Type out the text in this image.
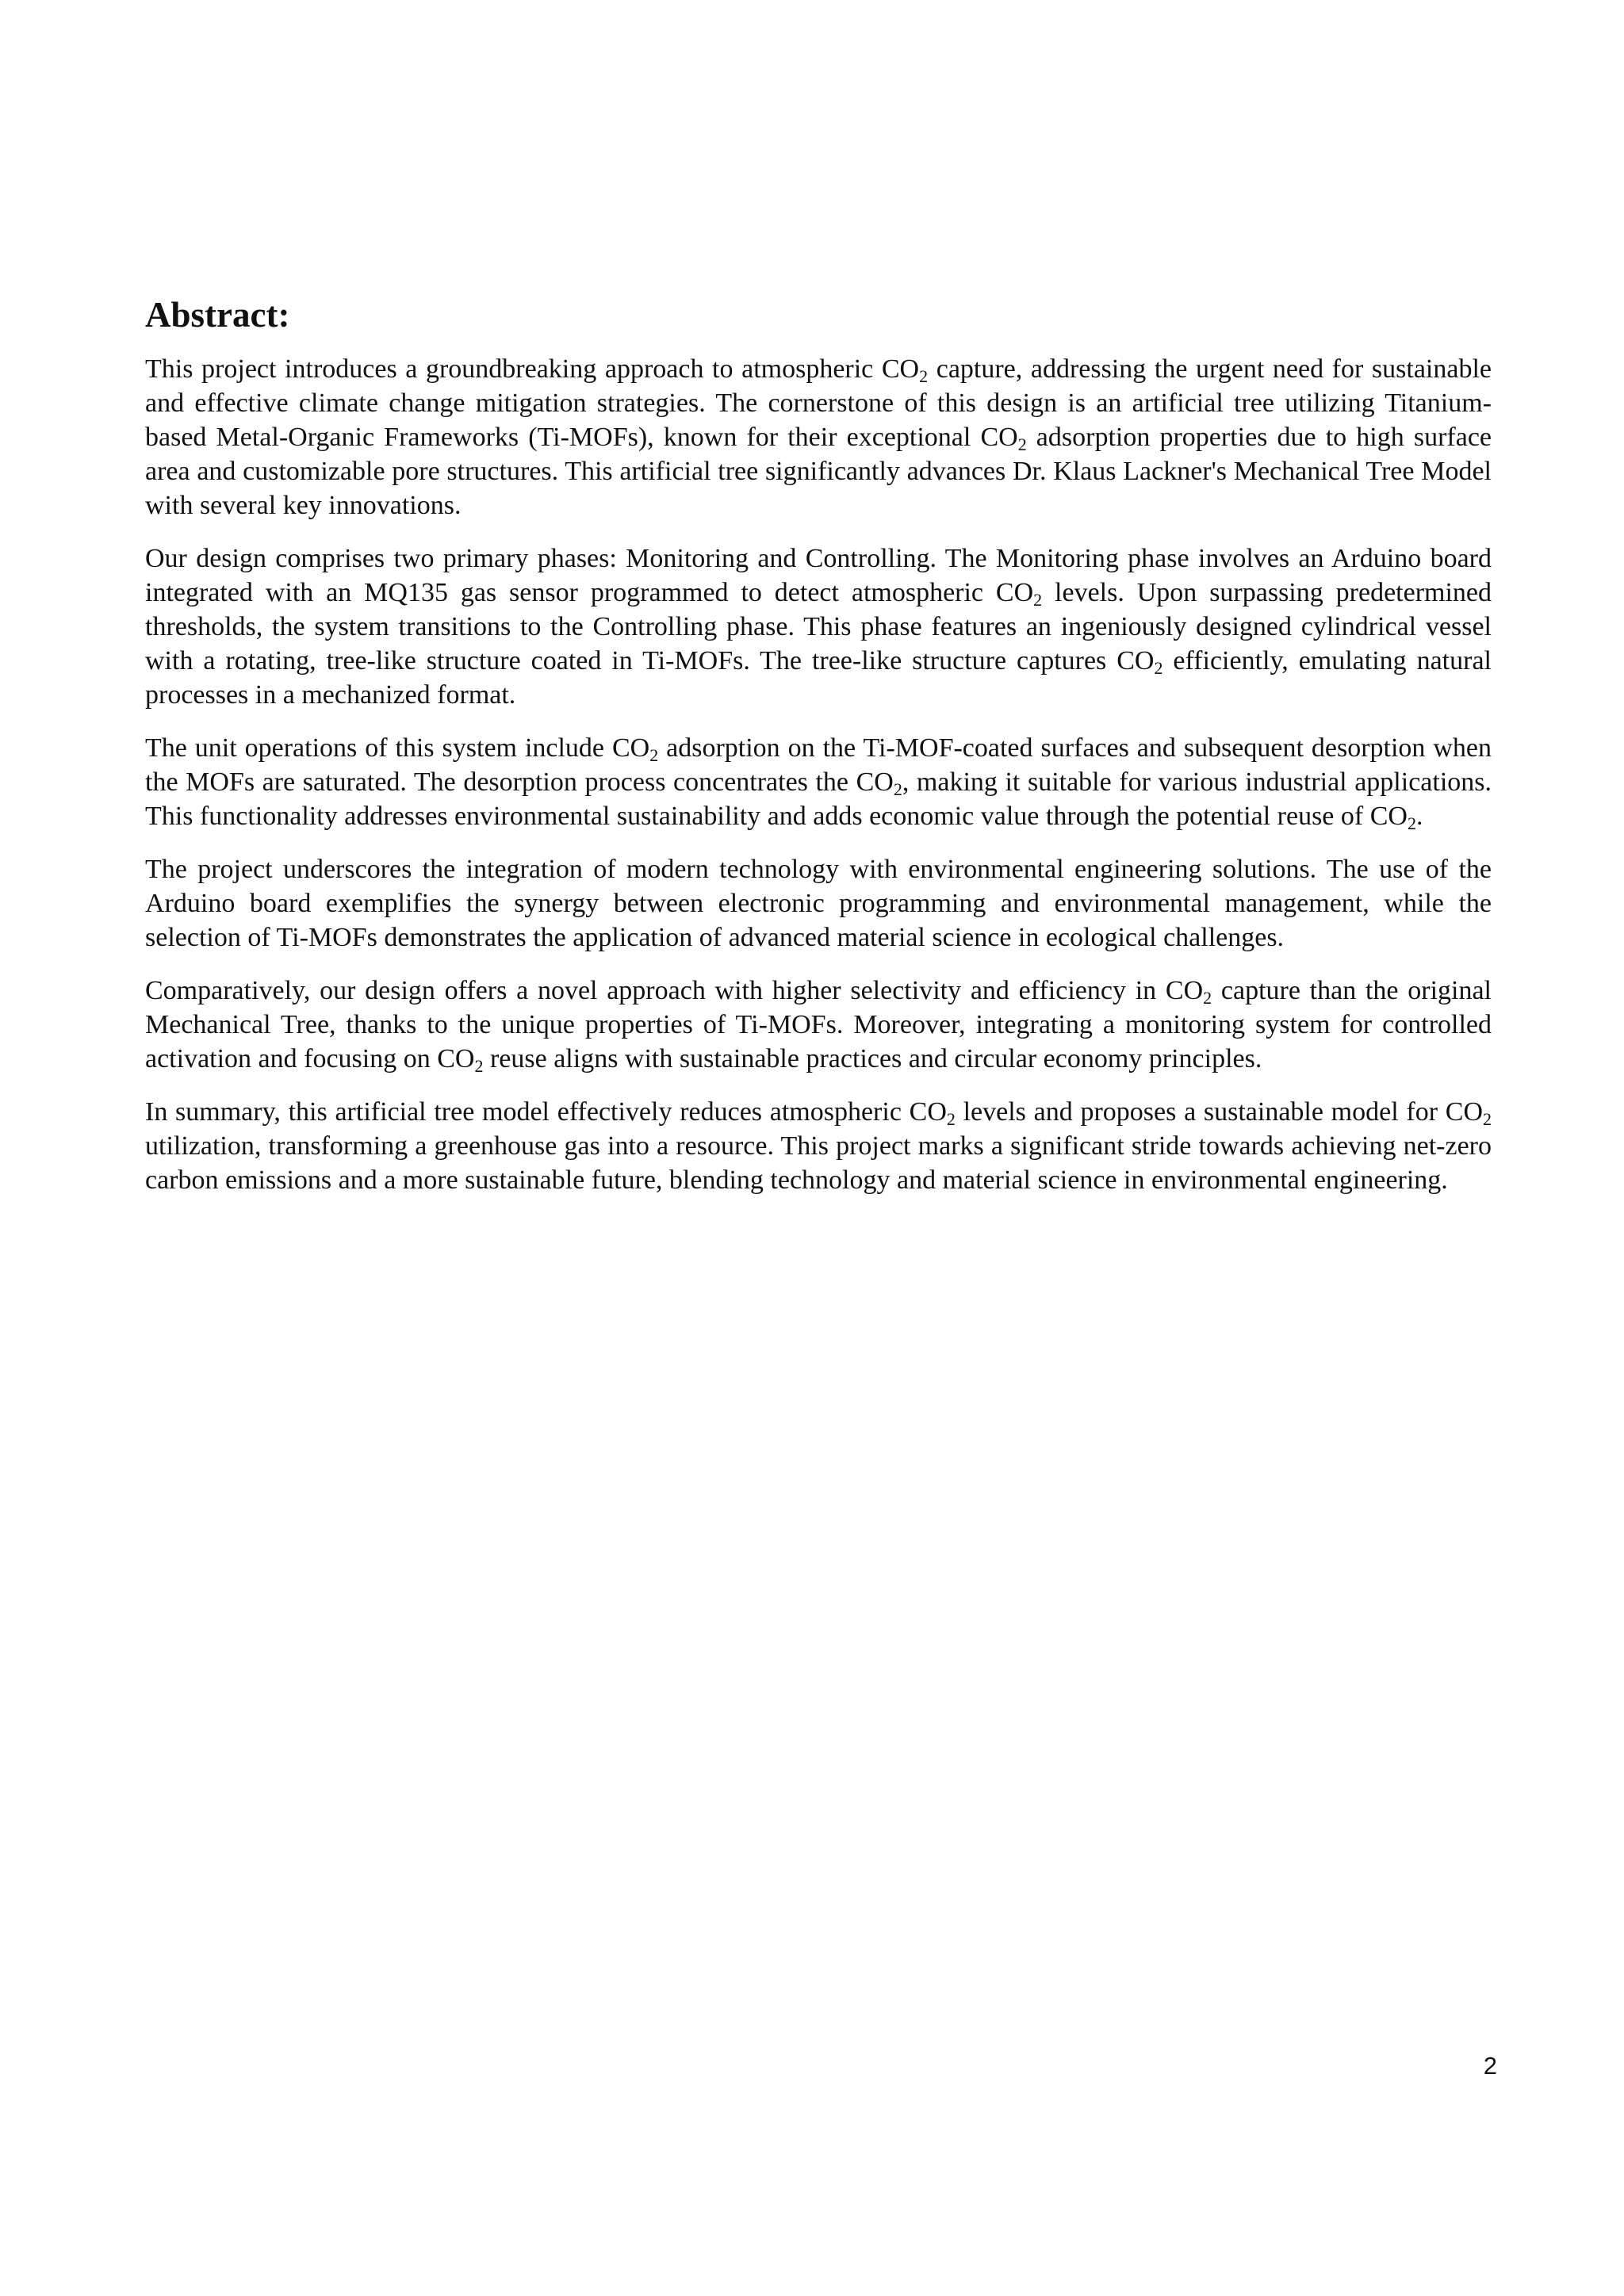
Abstract:

This project introduces a groundbreaking approach to atmospheric $CO_2$ capture, addressing the urgent need for sustainable and effective climate change mitigation strategies. The cornerstone of this design is an artificial tree utilizing Titanium-based Metal-Organic Frameworks (Ti-MOFs), known for their exceptional $CO_2$ adsorption properties due to high surface area and customizable pore structures. This artificial tree significantly advances Dr. Klaus Lackner's Mechanical Tree Model with several key innovations.

Our design comprises two primary phases: Monitoring and Controlling. The Monitoring phase involves an Arduino board integrated with an MQ135 gas sensor programmed to detect atmospheric $CO_2$ levels. Upon surpassing predetermined thresholds, the system transitions to the Controlling phase. This phase features an ingeniously designed cylindrical vessel with a rotating, tree-like structure coated in Ti-MOFs. The tree-like structure captures $CO_2$ efficiently, emulating natural processes in a mechanized format.

The unit operations of this system include $CO_2$ adsorption on the Ti-MOF-coated surfaces and subsequent desorption when the MOFs are saturated. The desorption process concentrates the $CO_2$, making it suitable for various industrial applications. This functionality addresses environmental sustainability and adds economic value through the potential reuse of $CO_2$.

The project underscores the integration of modern technology with environmental engineering solutions. The use of the Arduino board exemplifies the synergy between electronic programming and environmental management, while the selection of Ti-MOFs demonstrates the application of advanced material science in ecological challenges.

Comparatively, our design offers a novel approach with higher selectivity and efficiency in $CO_2$ capture than the original Mechanical Tree, thanks to the unique properties of Ti-MOFs. Moreover, integrating a monitoring system for controlled activation and focusing on $CO_2$ reuse aligns with sustainable practices and circular economy principles.

In summary, this artificial tree model effectively reduces atmospheric $CO_2$ levels and proposes a sustainable model for $CO_2$ utilization, transforming a greenhouse gas into a resource. This project marks a significant stride towards achieving net-zero carbon emissions and a more sustainable future, blending technology and material science in environmental engineering.

2
